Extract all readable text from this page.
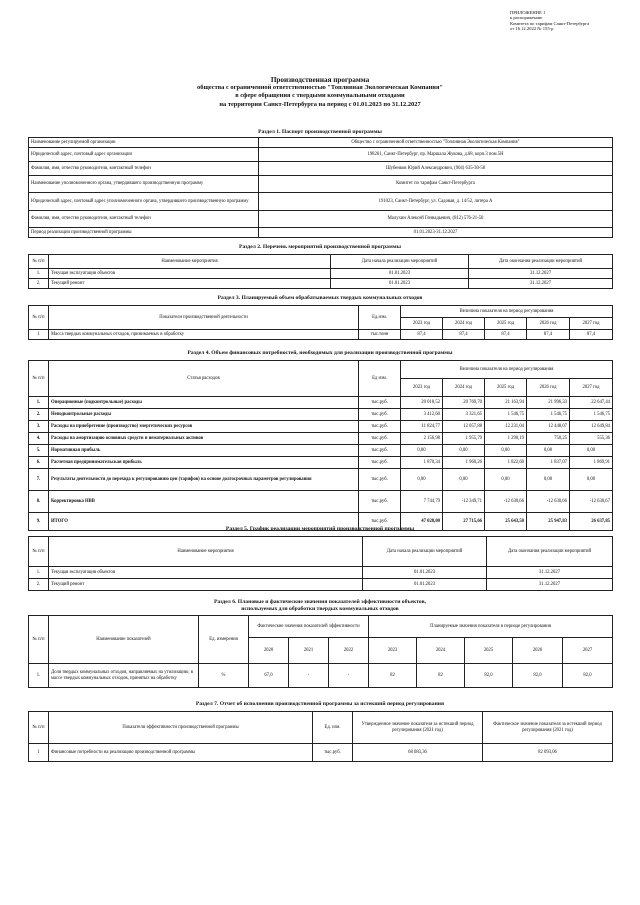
ПРИЛОЖЕНИЕ 1
к распоряжению
Комитета по тарифам Санкт-Петербурга
от 16.12.2022 № 155-р
Производственная программа
общества с ограниченной ответственностью "Топливная Экологическая Компания"
в сфере обращения с твердыми коммунальными отходами
на территории Санкт-Петербурга на период с 01.01.2023 по 31.12.2027
Раздел 1. Паспорт производственной программы
Наименование регулируемой организации	Общество с ограниченной ответственностью "Топливная Экологическая Компания"
Юридический адрес, почтовый адрес организации	198261, Санкт-Петербург, пр. Маршала Жукова, д.68, корп.3 пом.5Н
Фамилия, имя, отчество руководителя, контактный телефон	Шубенков Юрий Александрович, (904) 635-30-58
Наименование уполномоченного органа, утвердившего производственную программу	Комитет по тарифам Санкт-Петербурга
Юридический адрес, почтовый адрес уполномоченного органа, утвердившего производственную программу	191023, Санкт-Петербург, ул. Садовая, д. 14/52, литера А
Фамилия, имя, отчество руководителя, контактный телефон	Малухин Алексей Геннадьевич, (812) 576-21-50
Период реализации производственной программы	01.01.2023-31.12.2027
Раздел 2. Перечень мероприятий производственной программы
№ п/п	Наименование мероприятия	Дата начала реализации мероприятий	Дата окончания реализации мероприятий
1.	Текущая эксплуатация объектов	01.01.2023	31.12.2027
2.	Текущий ремонт	01.01.2023	31.12.2027
Раздел 3. Планируемый объем обрабатываемых твердых коммунальных отходов
№ п/п	Показатели производственной деятельности	Ед.изм.	Величина показателя на период регулирования				
			2023 год	2024 год	2025 год	2026 год	2027 год
1	Масса твердых коммунальных отходов, принимаемых в обработку	тыс.тонн	87,4	87,4	87,4	87,4	87,4
Раздел 4. Объем финансовых потребностей, необходимых для реализации производственной программы
№ п/п	Статья расходов	Ед изм.	Величина показателя на период регулирования				
			2023 год	2024 год	2025 год	2026 год	2027 год
1.	Операционные (подконтрольные) расходы	тыс.руб.	20 018,52	20 769,70	21 163,94	21 996,33	22 647,44
2.	Неподконтрольные расходы	тыс.руб.	3 412,60	3 321,65	1 546,75	1 546,75	1 546,75
3.	Расходы на приобретение (производство) энергетических ресурсов	тыс.руб.	11 824,77	12 057,88	12 231,04	12 448,07	12 649,84
4.	Расходы на амортизацию основных средств и нематериальных активов	тыс.руб.	2 156,98	1 955,79	1 290,19	750,25	555,36
5.	Нормативная прибыль	тыс.руб.	0,00	0,00	0,00	0,00	0,00
6.	Расчетная предпринимательская прибыль	тыс.руб.	1 870,34	1 960,26	1 822,60	1 837,07	1 869,91
7.	Результаты деятельности до перехода к регулированию цен (тарифов) на основе долгосрочных параметров регулирования	тыс.руб.	0,00	0,00	0,00	0,00	0,00
8.	Корректировка НВВ	тыс.руб.	7 744,79	-12 349,71	-12 630,66	-12 630,66	-12 630,67
9.	ИТОГО	тыс.руб.	47 028,00	27 715,66	25 643,50	25 947,83	26 637,85
Раздел 5. График реализации мероприятий производственной программы
№ п/п	Наименование мероприятия	Дата начала реализации мероприятий	Дата окончания реализации мероприятий
1.	Текущая эксплуатация объектов	01.01.2023	31.12.2027
2.	Текущий ремонт	01.01.2023	31.12.2027
Раздел 6. Плановые и фактические значения показателей эффективности объектов,
используемых для обработки твердых коммунальных отходов
№ п/п	Наименование показателей	Ед. измерения	Фактические значения показателей эффективности			Планируемые значения показателя в периоде регулирования				
			2020	2021	2022	2023	2024	2025	2026	2027
1.	Доля твердых коммунальных отходов, направляемых на утилизацию, в массе твердых коммунальных отходов, принятых на обработку	%	67,0	-	-	82	82	82,0	82,0	82,0
Раздел 7. Отчет об исполнении производственной программы за истекший период регулирования
№ п/п	Показатели эффективности производственной программы	Ед. изм.	Утвержденное значение показателя за истекший период регулирования (2021 год)	Фактическое значение показателя за истекший период регулирования (2021 год)
1	Финансовые потребности на реализацию производственной программы	тыс.руб.	68 083,36	82 093,06
